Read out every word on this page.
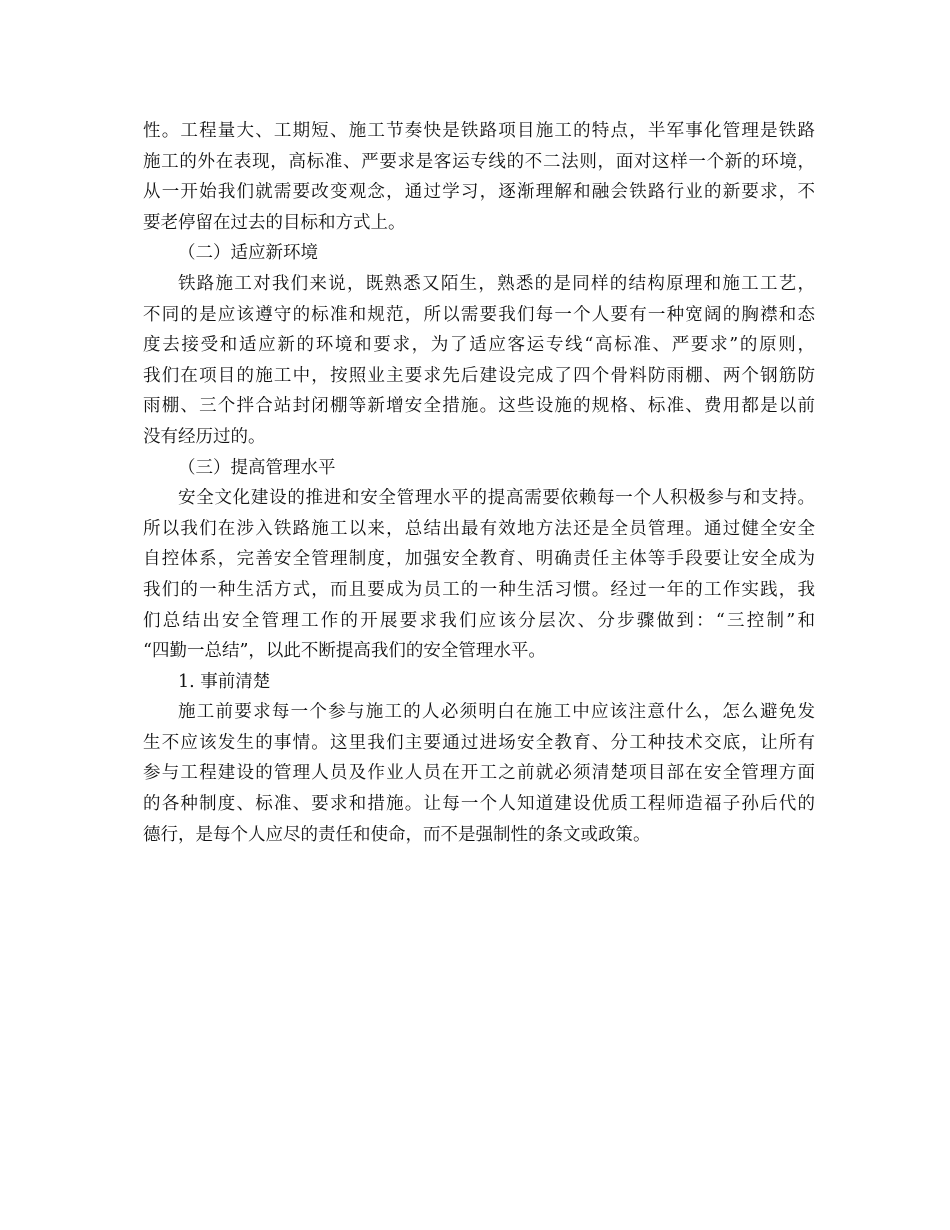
性。工程量大、工期短、施工节奏快是铁路项目施工的特点，半军事化管理是铁路
施工的外在表现，高标准、严要求是客运专线的不二法则，面对这样一个新的环境，
从一开始我们就需要改变观念，通过学习，逐渐理解和融会铁路行业的新要求，不
要老停留在过去的目标和方式上。
（二）适应新环境
铁路施工对我们来说，既熟悉又陌生，熟悉的是同样的结构原理和施工工艺，
不同的是应该遵守的标准和规范，所以需要我们每一个人要有一种宽阔的胸襟和态
度去接受和适应新的环境和要求，为了适应客运专线“高标准、严要求”的原则，
我们在项目的施工中，按照业主要求先后建设完成了四个骨料防雨棚、两个钢筋防
雨棚、三个拌合站封闭棚等新增安全措施。这些设施的规格、标准、费用都是以前
没有经历过的。
（三）提高管理水平
安全文化建设的推进和安全管理水平的提高需要依赖每一个人积极参与和支持。
所以我们在涉入铁路施工以来，总结出最有效地方法还是全员管理。通过健全安全
自控体系，完善安全管理制度，加强安全教育、明确责任主体等手段要让安全成为
我们的一种生活方式，而且要成为员工的一种生活习惯。经过一年的工作实践，我
们总结出安全管理工作的开展要求我们应该分层次、分步骤做到：“三控制”和
“四勤一总结”，以此不断提高我们的安全管理水平。
1. 事前清楚
施工前要求每一个参与施工的人必须明白在施工中应该注意什么，怎么避免发
生不应该发生的事情。这里我们主要通过进场安全教育、分工种技术交底，让所有
参与工程建设的管理人员及作业人员在开工之前就必须清楚项目部在安全管理方面
的各种制度、标准、要求和措施。让每一个人知道建设优质工程师造福子孙后代的
德行，是每个人应尽的责任和使命，而不是强制性的条文或政策。
